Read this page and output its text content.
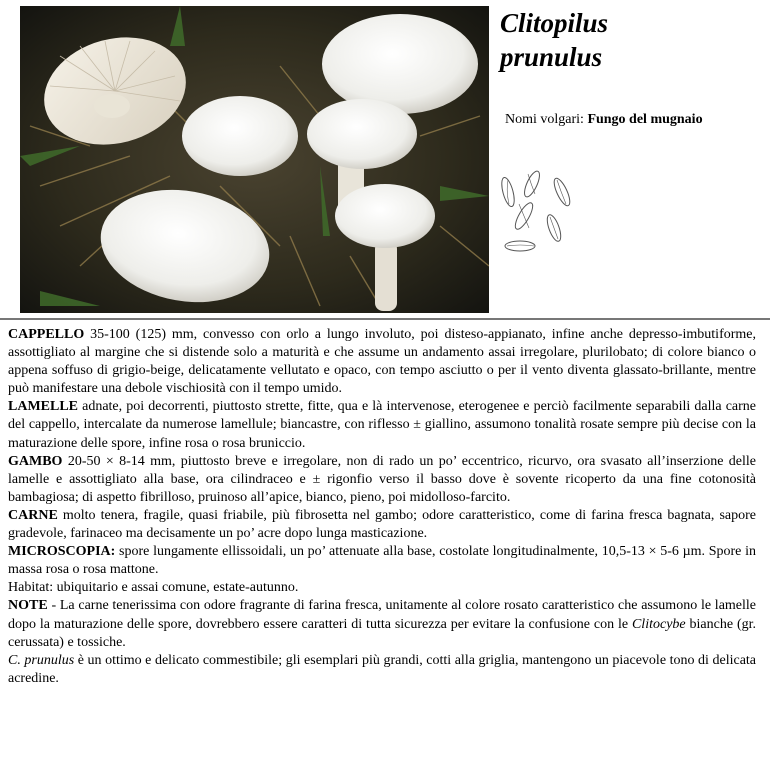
Clitopilus
prunulus
Nomi volgari: Fungo del mugnaio

CAPPELLO 35-100 (125) mm, convesso con orlo a lungo involuto, poi disteso-appianato, infine anche depresso-imbutiforme, assottigliato al margine che si distende solo a maturità e che assume un andamento assai irregolare, plurilobato; di colore bianco o appena soffuso di grigio-beige, delicatamente vellutato e opaco, con tempo asciutto o per il vento diventa glassato-brillante, mentre può manifestare una debole vischiosità con il tempo umido.

LAMELLE adnate, poi decorrenti, piuttosto strette, fitte, qua e là intervenose, eterogenee e perciò facilmente separabili dalla carne del cappello, intercalate da numerose lamellule; biancastre, con riflesso ± giallino, assumono tonalità rosate sempre più decise con la maturazione delle spore, infine rosa o rosa bruniccio.

GAMBO 20-50 × 8-14 mm, piuttosto breve e irregolare, non di rado un po’ eccentrico, ricurvo, ora svasato all’inserzione delle lamelle e assottigliato alla base, ora cilindraceo e ± rigonfio verso il basso dove è sovente ricoperto da una fine cotonosità bambagiosa; di aspetto fibrilloso, pruinoso all’apice, bianco, pieno, poi midolloso-farcito.

CARNE molto tenera, fragile, quasi friabile, più fibrosetta nel gambo; odore caratteristico, come di farina fresca bagnata, sapore gradevole, farinaceo ma decisamente un po’ acre dopo lunga masticazione.

MICROSCOPIA: spore lungamente ellissoidali, un po’ attenuate alla base, costolate longitudinalmente, 10,5-13 × 5-6 µm. Spore in massa rosa o rosa mattone.

Habitat: ubiquitario e assai comune, estate-autunno.

NOTE - La carne tenerissima con odore fragrante di farina fresca, unitamente al colore rosato caratteristico che assumono le lamelle dopo la maturazione delle spore, dovrebbero essere caratteri di tutta sicurezza per evitare la confusione con le Clitocybe bianche (gr. cerussata) e tossiche.

C. prunulus è un ottimo e delicato commestibile; gli esemplari più grandi, cotti alla griglia, mantengono un piacevole tono di delicata acredine.
